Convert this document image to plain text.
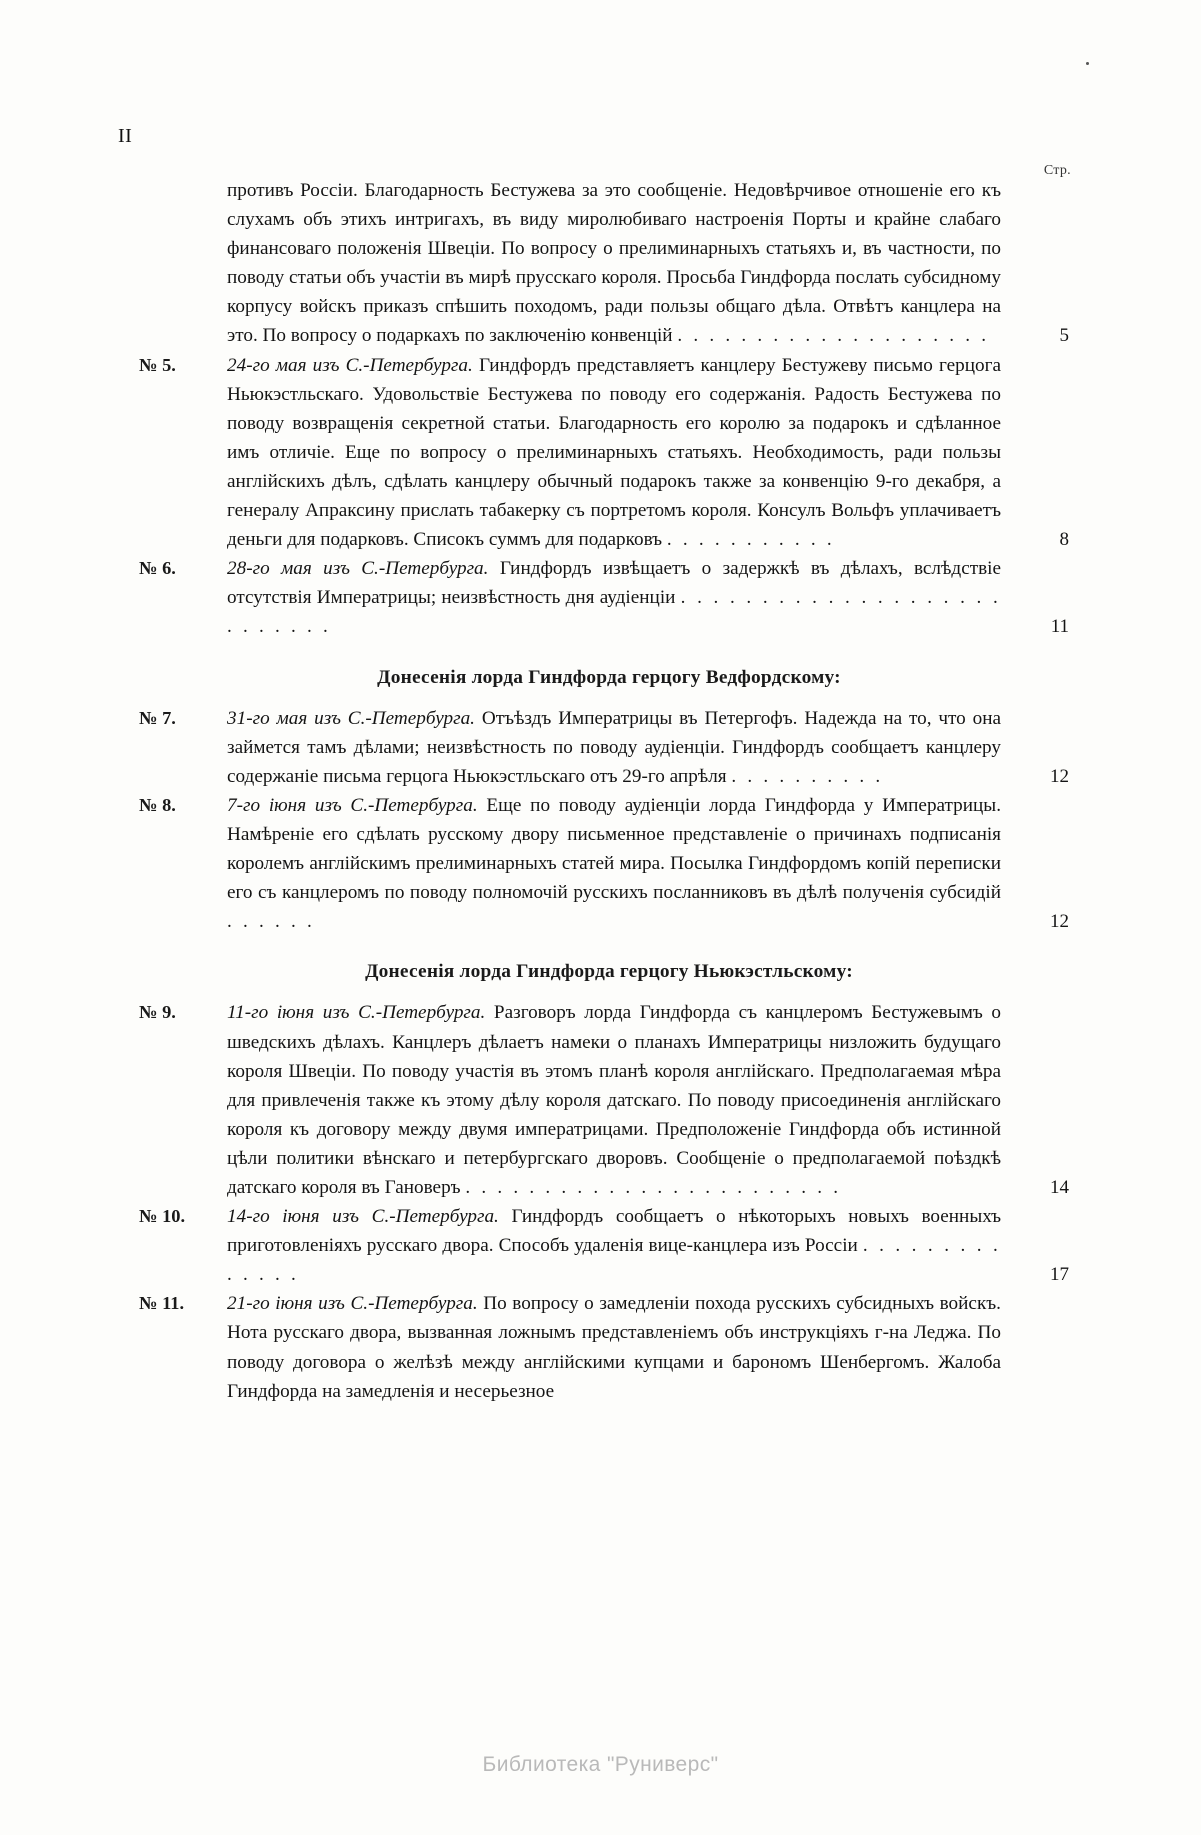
II
Стр.
противъ Россіи. Благодарность Бестужева за это сообщеніе. Недовѣрчивое отношеніе его къ слухамъ объ этихъ интригахъ, въ виду миролюбиваго настроенія Порты и крайне слабаго финансоваго положенія Швеціи. По вопросу о прелиминарныхъ статьяхъ и, въ частности, по поводу статьи объ участіи въ мирѣ прусскаго короля. Просьба Гиндфорда послать субсидному корпусу войскъ приказъ спѣшить походомъ, ради пользы общаго дѣла. Отвѣтъ канцлера на это. По вопросу о подаркахъ по заключенію конвенцій . . . . . . . . . . . . . . . . . . . .	5
№ 5.	24-го мая изъ С.-Петербурга. Гиндфордъ представляетъ канцлеру Бестужеву письмо герцога Ньюкэстльскаго. Удовольствіе Бестужева по поводу его содержанія. Радость Бестужева по поводу возвращенія секретной статьи. Благодарность его королю за подарокъ и сдѣланное имъ отличіе. Еще по вопросу о прелиминарныхъ статьяхъ. Необходимость, ради пользы англійскихъ дѣлъ, сдѣлать канцлеру обычный подарокъ также за конвенцію 9-го декабря, а генералу Апраксину прислать табакерку съ портретомъ короля. Консулъ Вольфъ уплачиваетъ деньги для подарковъ. Списокъ суммъ для подарковъ . . . . . . . . . . .	8
№ 6.	28-го мая изъ С.-Петербурга. Гиндфордъ извѣщаетъ о задержкѣ въ дѣлахъ, вслѣдствіе отсутствія Императрицы; неизвѣстность дня аудіенціи . . . . . . . . . . . . . . . . . . . . . . . . . . .	11
Донесенія лорда Гиндфорда герцогу Ведфордскому:
№ 7.	31-го мая изъ С.-Петербурга. Отъѣздъ Императрицы въ Петергофъ. Надежда на то, что она займется тамъ дѣлами; неизвѣстность по поводу аудіенціи. Гиндфордъ сообщаетъ канцлеру содержаніе письма герцога Ньюкэстльскаго отъ 29-го апрѣля . . . . . . . . . .	12
№ 8.	7-го іюня изъ С.-Петербурга. Еще по поводу аудіенціи лорда Гиндфорда у Императрицы. Намѣреніе его сдѣлать русскому двору письменное представленіе о причинахъ подписанія королемъ англійскимъ прелиминарныхъ статей мира. Посылка Гиндфордомъ копій переписки его съ канцлеромъ по поводу полномочій русскихъ посланниковъ въ дѣлѣ полученія субсидій . . . . . .	12
Донесенія лорда Гиндфорда герцогу Ньюкэстльскому:
№ 9.	11-го іюня изъ С.-Петербурга. Разговоръ лорда Гиндфорда съ канцлеромъ Бестужевымъ о шведскихъ дѣлахъ. Канцлеръ дѣлаетъ намеки о планахъ Императрицы низложить будущаго короля Швеціи. По поводу участія въ этомъ планѣ короля англійскаго. Предполагаемая мѣра для привлеченія также къ этому дѣлу короля датскаго. По поводу присоединенія англійскаго короля къ договору между двумя императрицами. Предположеніе Гиндфорда объ истинной цѣли политики вѣнскаго и петербургскаго дворовъ. Сообщеніе о предполагаемой поѣздкѣ датскаго короля въ Гановеръ . . . . . . . . . . . . . . . . . . . . . . . .	14
№ 10.	14-го іюня изъ С.-Петербурга. Гиндфордъ сообщаетъ о нѣкоторыхъ новыхъ военныхъ приготовленіяхъ русскаго двора. Способъ удаленія вице-канцлера изъ Россіи . . . . . . . . . . . . . .	17
№ 11.	21-го іюня изъ С.-Петербурга. По вопросу о замедленіи похода русскихъ субсидныхъ войскъ. Нота русскаго двора, вызванная ложнымъ представленіемъ объ инструкціяхъ г-на Леджа. По поводу договора о желѣзѣ между англійскими купцами и барономъ Шенбергомъ. Жалоба Гиндфорда на замедленія и несерьезное
Библиотека "Руниверс"
